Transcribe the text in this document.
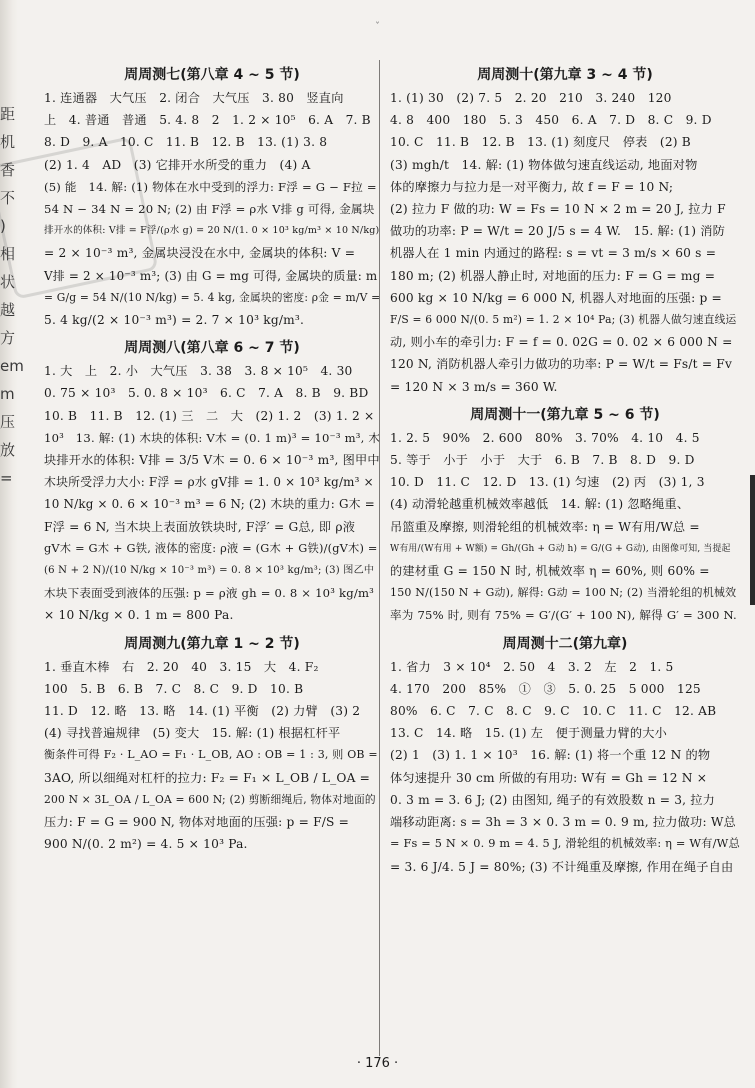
距
机
香
不
)
相
状
越
方
em
m
压
放
=
ˇ
周周测七(第八章 4 ~ 5 节)
1. 连通器　大气压　2. 闭合　大气压　3. 80　竖直向
上　4. 普通　普通　5. 4. 8　2　1. 2 × 10⁵　6. A　7. B
8. D　9. A　10. C　11. B　12. B　13. (1) 3. 8
(2) 1. 4　AD　(3) 它排开水所受的重力　(4) A
(5) 能　14. 解: (1) 物体在水中受到的浮力: F浮 = G − F拉 =
54 N − 34 N = 20 N; (2) 由 F浮 = ρ水 V排 g 可得, 金属块
排开水的体积: V排 = F浮/(ρ水 g) = 20 N/(1. 0 × 10³ kg/m³ × 10 N/kg)
= 2 × 10⁻³ m³, 金属块浸没在水中, 金属块的体积: V =
V排 = 2 × 10⁻³ m³; (3) 由 G = mg 可得, 金属块的质量: m
= G/g = 54 N/(10 N/kg) = 5. 4 kg, 金属块的密度: ρ金 = m/V =
5. 4 kg/(2 × 10⁻³ m³) = 2. 7 × 10³ kg/m³.
周周测八(第八章 6 ~ 7 节)
1. 大　上　2. 小　大气压　3. 38　3. 8 × 10⁵　4. 30
0. 75 × 10³　5. 0. 8 × 10³　6. C　7. A　8. B　9. BD
10. B　11. B　12. (1) 三　二　大　(2) 1. 2　(3) 1. 2 ×
10³　13. 解: (1) 木块的体积: V木 = (0. 1 m)³ = 10⁻³ m³, 木
块排开水的体积: V排 = 3/5 V木 = 0. 6 × 10⁻³ m³, 图甲中
木块所受浮力大小: F浮 = ρ水 gV排 = 1. 0 × 10³ kg/m³ ×
10 N/kg × 0. 6 × 10⁻³ m³ = 6 N; (2) 木块的重力: G木 =
F浮 = 6 N, 当木块上表面放铁块时, F浮′ = G总, 即 ρ液
gV木 = G木 + G铁, 液体的密度: ρ液 = (G木 + G铁)/(gV木) =
(6 N + 2 N)/(10 N/kg × 10⁻³ m³) = 0. 8 × 10³ kg/m³; (3) 图乙中
木块下表面受到液体的压强: p = ρ液 gh = 0. 8 × 10³ kg/m³
× 10 N/kg × 0. 1 m = 800 Pa.
周周测九(第九章 1 ~ 2 节)
1. 垂直木棒　右　2. 20　40　3. 15　大　4. F₂
100　5. B　6. B　7. C　8. C　9. D　10. B
11. D　12. 略　13. 略　14. (1) 平衡　(2) 力臂　(3) 2
(4) 寻找普遍规律　(5) 变大　15. 解: (1) 根据杠杆平
衡条件可得 F₂ · L_AO = F₁ · L_OB, AO : OB = 1 : 3, 则 OB =
3AO, 所以细绳对杠杆的拉力: F₂ = F₁ × L_OB / L_OA =
200 N × 3L_OA / L_OA = 600 N; (2) 剪断细绳后, 物体对地面的
压力: F = G = 900 N, 物体对地面的压强: p = F/S =
900 N/(0. 2 m²) = 4. 5 × 10³ Pa.
周周测十(第九章 3 ~ 4 节)
1. (1) 30　(2) 7. 5　2. 20　210　3. 240　120
4. 8　400　180　5. 3　450　6. A　7. D　8. C　9. D
10. C　11. B　12. B　13. (1) 刻度尺　停表　(2) B
(3) mgh/t　14. 解: (1) 物体做匀速直线运动, 地面对物
体的摩擦力与拉力是一对平衡力, 故 f = F = 10 N;
(2) 拉力 F 做的功: W = Fs = 10 N × 2 m = 20 J, 拉力 F
做功的功率: P = W/t = 20 J/5 s = 4 W.　15. 解: (1) 消防
机器人在 1 min 内通过的路程: s = vt = 3 m/s × 60 s =
180 m; (2) 机器人静止时, 对地面的压力: F = G = mg =
600 kg × 10 N/kg = 6 000 N, 机器人对地面的压强: p =
F/S = 6 000 N/(0. 5 m²) = 1. 2 × 10⁴ Pa; (3) 机器人做匀速直线运
动, 则小车的牵引力: F = f = 0. 02G = 0. 02 × 6 000 N =
120 N, 消防机器人牵引力做功的功率: P = W/t = Fs/t = Fv
= 120 N × 3 m/s = 360 W.
周周测十一(第九章 5 ~ 6 节)
1. 2. 5　90%　2. 600　80%　3. 70%　4. 10　4. 5
5. 等于　小于　小于　大于　6. B　7. B　8. D　9. D
10. D　11. C　12. D　13. (1) 匀速　(2) 丙　(3) 1, 3
(4) 动滑轮越重机械效率越低　14. 解: (1) 忽略绳重、
吊篮重及摩擦, 则滑轮组的机械效率: η = W有用/W总 =
W有用/(W有用 + W额) = Gh/(Gh + G动 h) = G/(G + G动), 由图像可知, 当提起
的建材重 G = 150 N 时, 机械效率 η = 60%, 则 60% =
150 N/(150 N + G动), 解得: G动 = 100 N; (2) 当滑轮组的机械效
率为 75% 时, 则有 75% = G′/(G′ + 100 N), 解得 G′ = 300 N.
周周测十二(第九章)
1. 省力　3 × 10⁴　2. 50　4　3. 2　左　2　1. 5
4. 170　200　85%　①　③　5. 0. 25　5 000　125
80%　6. C　7. C　8. C　9. C　10. C　11. C　12. AB
13. C　14. 略　15. (1) 左　便于测量力臂的大小
(2) 1　(3) 1. 1 × 10³　16. 解: (1) 将一个重 12 N 的物
体匀速提升 30 cm 所做的有用功: W有 = Gh = 12 N ×
0. 3 m = 3. 6 J; (2) 由图知, 绳子的有效股数 n = 3, 拉力
端移动距离: s = 3h = 3 × 0. 3 m = 0. 9 m, 拉力做功: W总
= Fs = 5 N × 0. 9 m = 4. 5 J, 滑轮组的机械效率: η = W有/W总
= 3. 6 J/4. 5 J = 80%; (3) 不计绳重及摩擦, 作用在绳子自由
· 176 ·
